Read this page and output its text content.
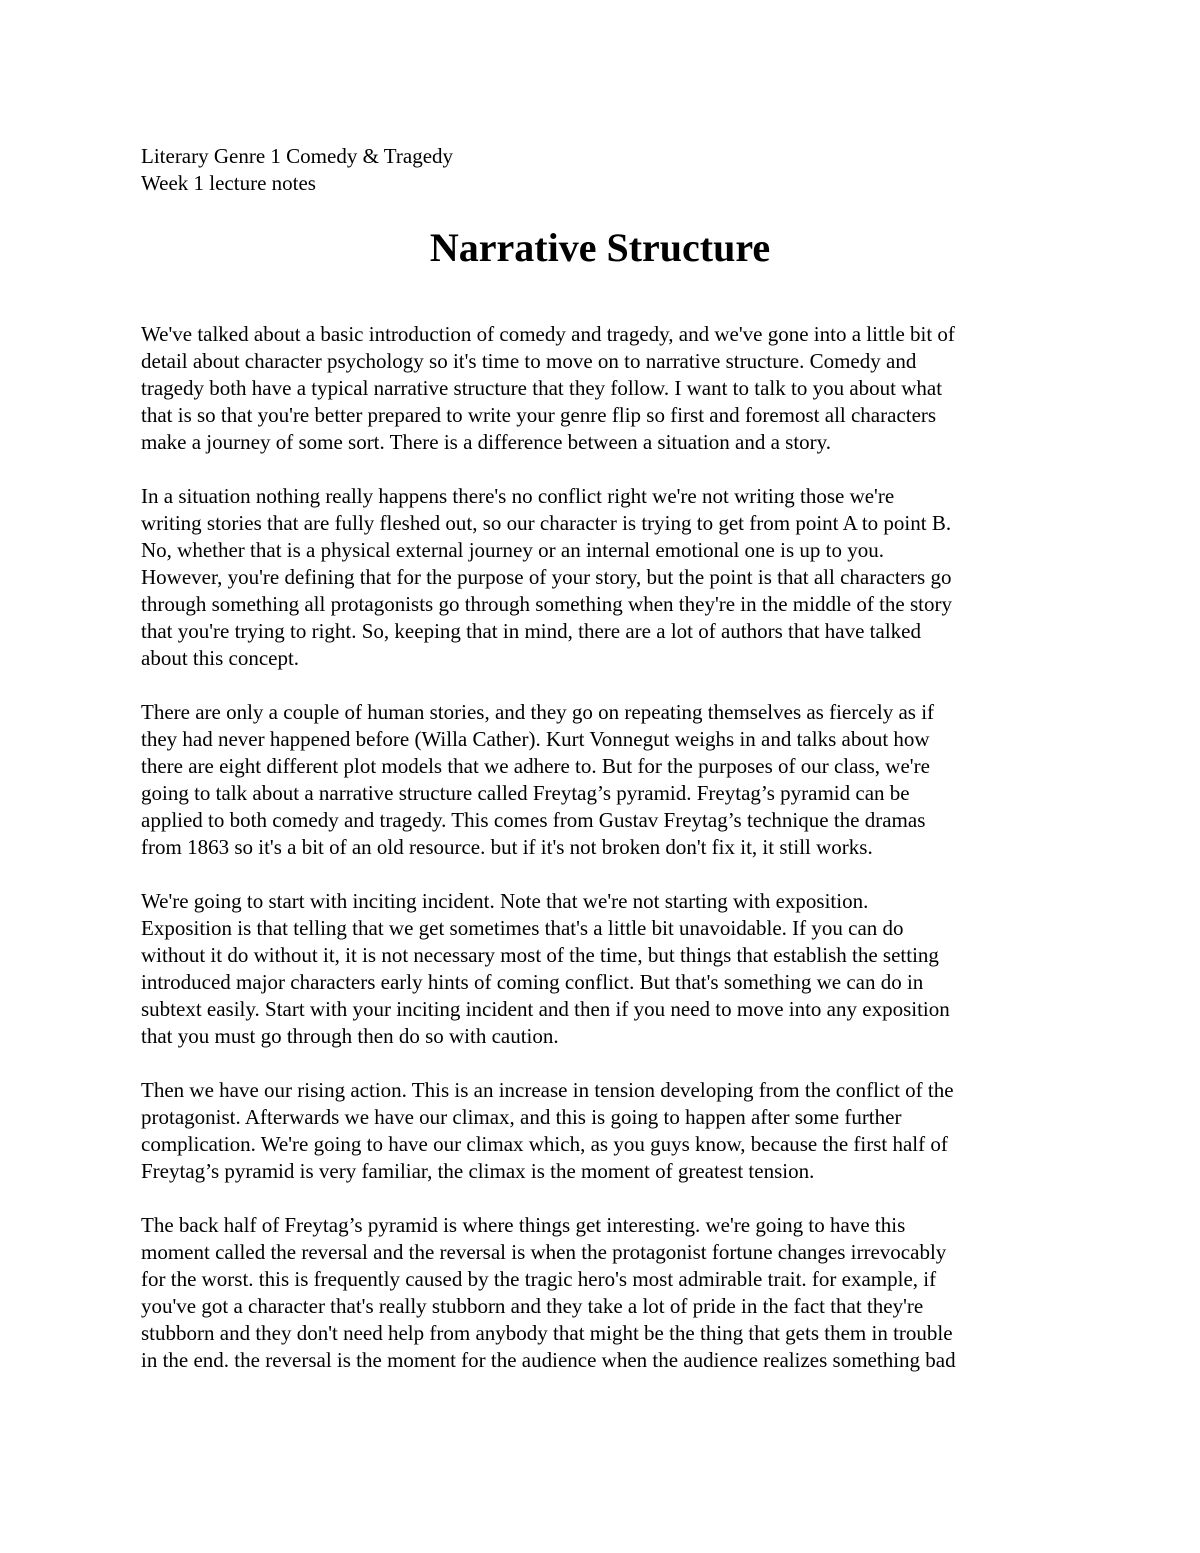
Literary Genre 1 Comedy & Tragedy
Week 1 lecture notes
Narrative Structure
We've talked about a basic introduction of comedy and tragedy, and we've gone into a little bit of
detail about character psychology so it's time to move on to narrative structure. Comedy and
tragedy both have a typical narrative structure that they follow. I want to talk to you about what
that is so that you're better prepared to write your genre flip so first and foremost all characters
make a journey of some sort. There is a difference between a situation and a story.
In a situation nothing really happens there's no conflict right we're not writing those we're
writing stories that are fully fleshed out, so our character is trying to get from point A to point B.
No, whether that is a physical external journey or an internal emotional one is up to you.
However, you're defining that for the purpose of your story, but the point is that all characters go
through something all protagonists go through something when they're in the middle of the story
that you're trying to right. So, keeping that in mind, there are a lot of authors that have talked
about this concept.
There are only a couple of human stories, and they go on repeating themselves as fiercely as if
they had never happened before (Willa Cather). Kurt Vonnegut weighs in and talks about how
there are eight different plot models that we adhere to. But for the purposes of our class, we're
going to talk about a narrative structure called Freytag’s pyramid. Freytag’s pyramid can be
applied to both comedy and tragedy. This comes from Gustav Freytag’s technique the dramas
from 1863 so it's a bit of an old resource. but if it's not broken don't fix it, it still works.
We're going to start with inciting incident. Note that we're not starting with exposition.
Exposition is that telling that we get sometimes that's a little bit unavoidable. If you can do
without it do without it, it is not necessary most of the time, but things that establish the setting
introduced major characters early hints of coming conflict. But that's something we can do in
subtext easily. Start with your inciting incident and then if you need to move into any exposition
that you must go through then do so with caution.
Then we have our rising action. This is an increase in tension developing from the conflict of the
protagonist. Afterwards we have our climax, and this is going to happen after some further
complication. We're going to have our climax which, as you guys know, because the first half of
Freytag’s pyramid is very familiar, the climax is the moment of greatest tension.
The back half of Freytag’s pyramid is where things get interesting. we're going to have this
moment called the reversal and the reversal is when the protagonist fortune changes irrevocably
for the worst. this is frequently caused by the tragic hero's most admirable trait. for example, if
you've got a character that's really stubborn and they take a lot of pride in the fact that they're
stubborn and they don't need help from anybody that might be the thing that gets them in trouble
in the end. the reversal is the moment for the audience when the audience realizes something bad
